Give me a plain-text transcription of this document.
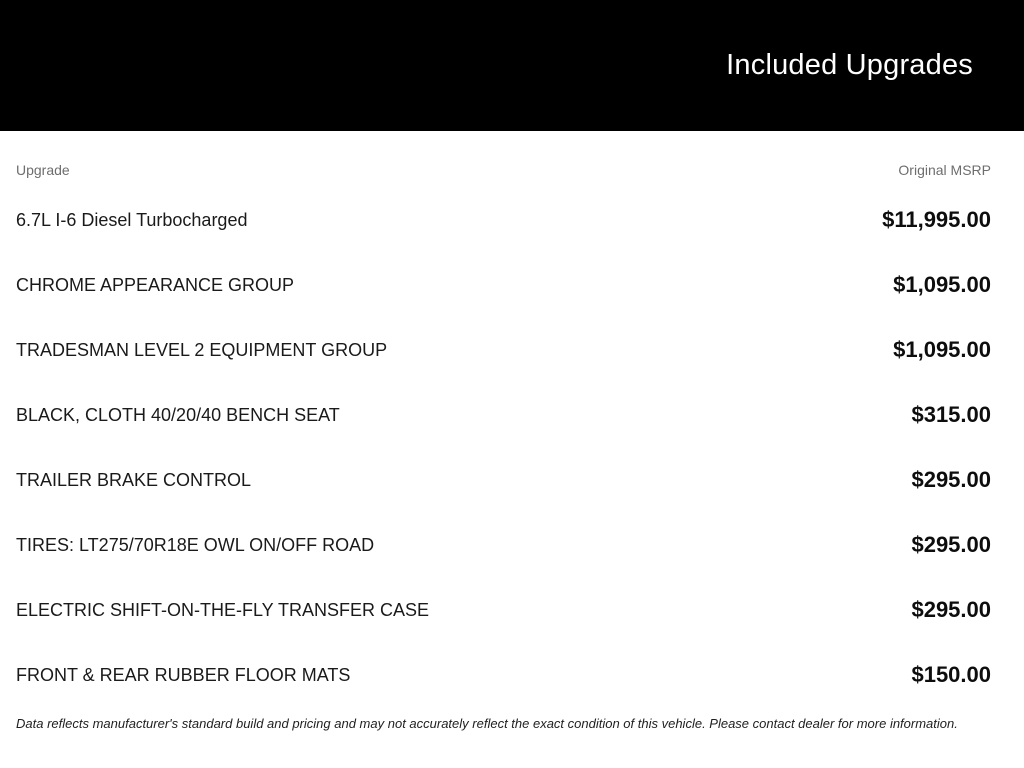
Included Upgrades
Upgrade	Original MSRP
6.7L I-6 Diesel Turbocharged	$11,995.00
CHROME APPEARANCE GROUP	$1,095.00
TRADESMAN LEVEL 2 EQUIPMENT GROUP	$1,095.00
BLACK, CLOTH 40/20/40 BENCH SEAT	$315.00
TRAILER BRAKE CONTROL	$295.00
TIRES: LT275/70R18E OWL ON/OFF ROAD	$295.00
ELECTRIC SHIFT-ON-THE-FLY TRANSFER CASE	$295.00
FRONT & REAR RUBBER FLOOR MATS	$150.00

Data reflects manufacturer's standard build and pricing and may not accurately reflect the exact condition of this vehicle. Please contact dealer for more information.
